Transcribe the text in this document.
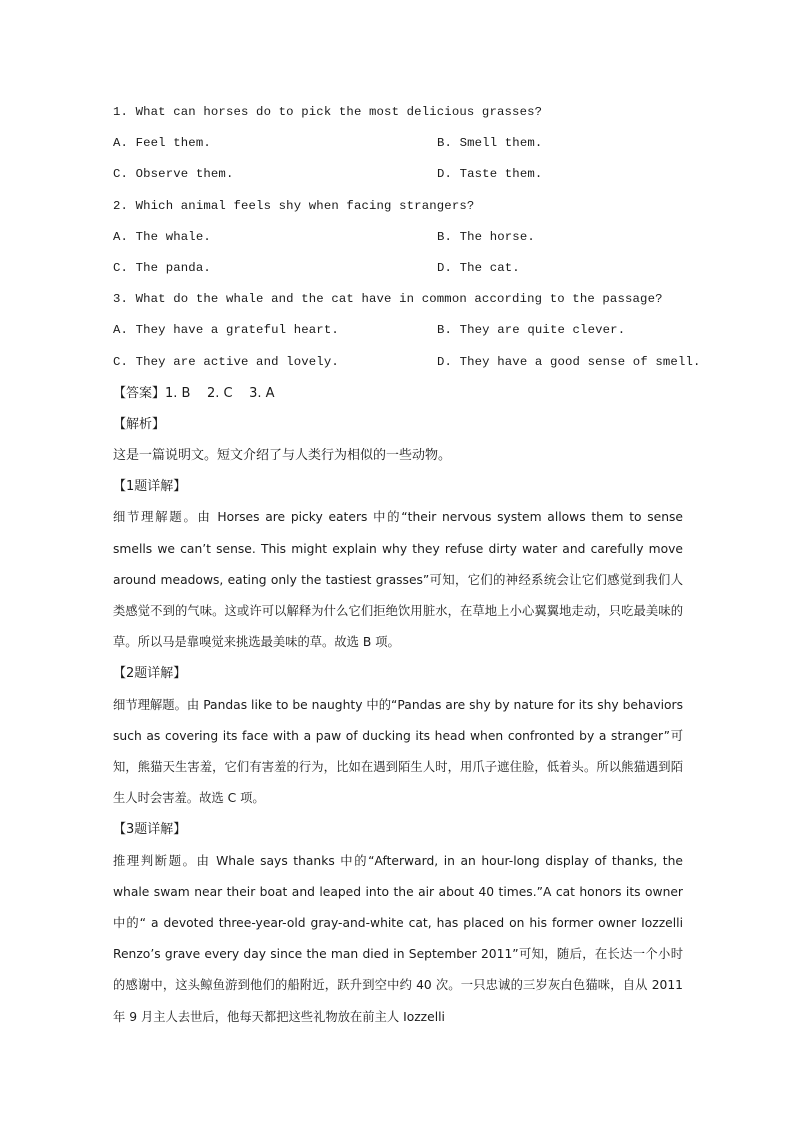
1. What can horses do to pick the most delicious grasses?
A. Feel them.	B. Smell them.
C. Observe them.	D. Taste them.
2. Which animal feels shy when facing strangers?
A. The whale.	B. The horse.
C. The panda.	D. The cat.
3. What do the whale and the cat have in common according to the passage?
A. They have a grateful heart.	B. They are quite clever.
C. They are active and lovely.	D. They have a good sense of smell.
【答案】1. B    2. C    3. A
【解析】
这是一篇说明文。短文介绍了与人类行为相似的一些动物。
【1题详解】

细节理解题。由 Horses are picky eaters 中的“their nervous system allows them to sense smells we can’t sense. This might explain why they refuse dirty water and carefully move around meadows, eating only the tastiest grasses”可知，它们的神经系统会让它们感觉到我们人类感觉不到的气味。这或许可以解释为什么它们拒绝饮用脏水，在草地上小心翼翼地走动，只吃最美味的草。所以马是靠嗅觉来挑选最美味的草。故选 B 项。

【2题详解】

细节理解题。由 Pandas like to be naughty 中的“Pandas are shy by nature for its shy behaviors such as covering its face with a paw of ducking its head when confronted by a stranger”可知，熊猫天生害羞，它们有害羞的行为，比如在遇到陌生人时，用爪子遮住脸，低着头。所以熊猫遇到陌生人时会害羞。故选 C 项。

【3题详解】

推理判断题。由 Whale says thanks 中的“Afterward, in an hour-long display of thanks, the whale swam near their boat and leaped into the air about 40 times.”A cat honors its owner 中的“ a devoted three-year-old gray-and-white cat, has placed on his former owner Iozzelli Renzo’s grave every day since the man died in September 2011”可知，随后，在长达一个小时的感谢中，这头鲸鱼游到他们的船附近，跃升到空中约 40 次。一只忠诚的三岁灰白色猫咪，自从 2011 年 9 月主人去世后，他每天都把这些礼物放在前主人 Iozzelli
